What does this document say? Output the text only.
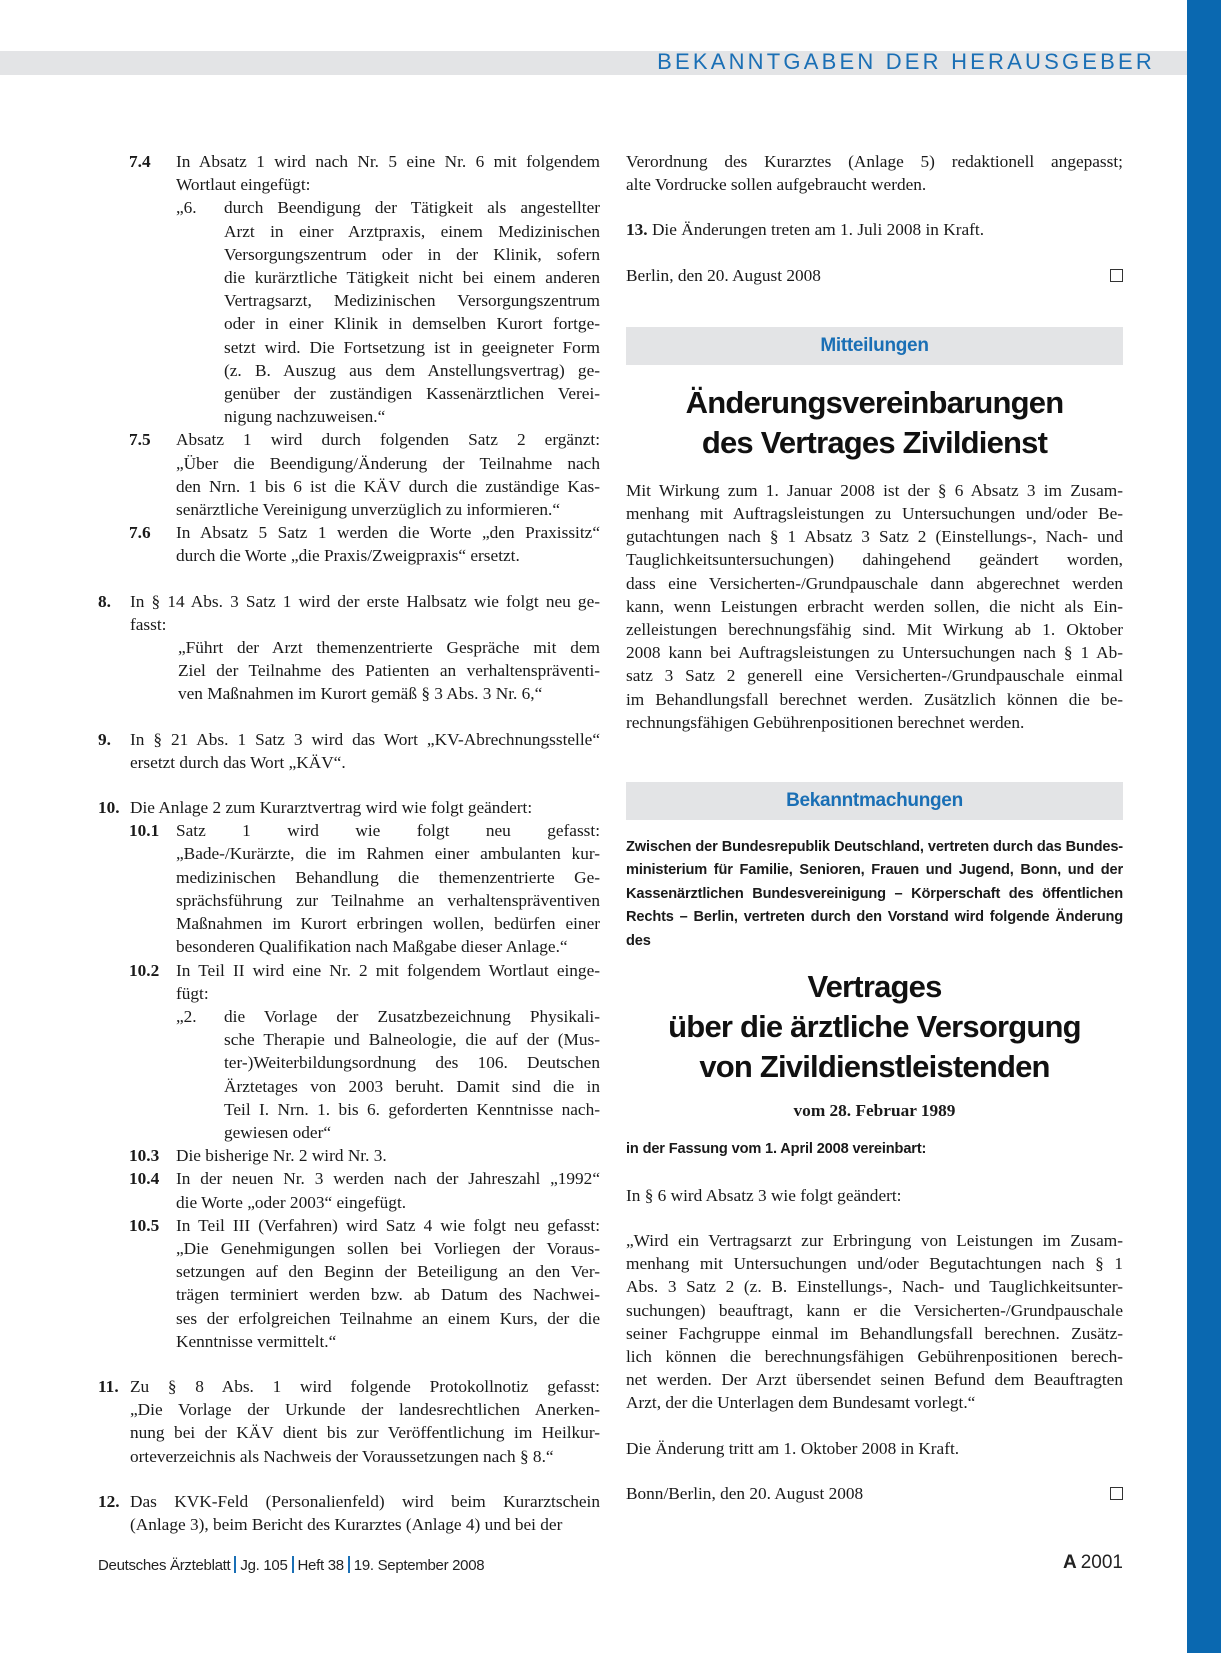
BEKANNTGABEN DER HERAUSGEBER
7.4 In Absatz 1 wird nach Nr. 5 eine Nr. 6 mit folgendem
Wortlaut eingefügt:
„6. durch Beendigung der Tätigkeit als angestellter
Arzt in einer Arztpraxis, einem Medizinischen
Versorgungszentrum oder in der Klinik, sofern
die kurärztliche Tätigkeit nicht bei einem anderen
Vertragsarzt, Medizinischen Versorgungszentrum
oder in einer Klinik in demselben Kurort fortge-
setzt wird. Die Fortsetzung ist in geeigneter Form
(z. B. Auszug aus dem Anstellungsvertrag) ge-
genüber der zuständigen Kassenärztlichen Verei-
nigung nachzuweisen.“
7.5 Absatz 1 wird durch folgenden Satz 2 ergänzt:
„Über die Beendigung/Änderung der Teilnahme nach
den Nrn. 1 bis 6 ist die KÄV durch die zuständige Kas-
senärztliche Vereinigung unverzüglich zu informieren.“
7.6 In Absatz 5 Satz 1 werden die Worte „den Praxissitz“
durch die Worte „die Praxis/Zweigpraxis“ ersetzt.
8. In § 14 Abs. 3 Satz 1 wird der erste Halbsatz wie folgt neu ge-
fasst:
„Führt der Arzt themenzentrierte Gespräche mit dem
Ziel der Teilnahme des Patienten an verhaltenspräventi-
ven Maßnahmen im Kurort gemäß § 3 Abs. 3 Nr. 6,“
9. In § 21 Abs. 1 Satz 3 wird das Wort „KV-Abrechnungsstelle“
ersetzt durch das Wort „KÄV“.
10. Die Anlage 2 zum Kurarztvertrag wird wie folgt geändert:
10.1 Satz 1 wird wie folgt neu gefasst:
„Bade-/Kurärzte, die im Rahmen einer ambulanten kur-
medizinischen Behandlung die themenzentrierte Ge-
sprächsführung zur Teilnahme an verhaltenspräventiven
Maßnahmen im Kurort erbringen wollen, bedürfen einer
besonderen Qualifikation nach Maßgabe dieser Anlage.“
10.2 In Teil II wird eine Nr. 2 mit folgendem Wortlaut einge-
fügt:
„2. die Vorlage der Zusatzbezeichnung Physikali-
sche Therapie und Balneologie, die auf der (Mus-
ter-)Weiterbildungsordnung des 106. Deutschen
Ärztetages von 2003 beruht. Damit sind die in
Teil I. Nrn. 1. bis 6. geforderten Kenntnisse nach-
gewiesen oder“
10.3 Die bisherige Nr. 2 wird Nr. 3.
10.4 In der neuen Nr. 3 werden nach der Jahreszahl „1992“
die Worte „oder 2003“ eingefügt.
10.5 In Teil III (Verfahren) wird Satz 4 wie folgt neu gefasst:
„Die Genehmigungen sollen bei Vorliegen der Voraus-
setzungen auf den Beginn der Beteiligung an den Ver-
trägen terminiert werden bzw. ab Datum des Nachwei-
ses der erfolgreichen Teilnahme an einem Kurs, der die
Kenntnisse vermittelt.“
11. Zu § 8 Abs. 1 wird folgende Protokollnotiz gefasst:
„Die Vorlage der Urkunde der landesrechtlichen Anerken-
nung bei der KÄV dient bis zur Veröffentlichung im Heilkur-
orteverzeichnis als Nachweis der Voraussetzungen nach § 8.“
12. Das KVK-Feld (Personalienfeld) wird beim Kurarztschein
(Anlage 3), beim Bericht des Kurarztes (Anlage 4) und bei der
Verordnung des Kurarztes (Anlage 5) redaktionell angepasst;
alte Vordrucke sollen aufgebraucht werden.
13. Die Änderungen treten am 1. Juli 2008 in Kraft.
Berlin, den 20. August 2008
Mitteilungen
Änderungsvereinbarungen
des Vertrages Zivildienst
Mit Wirkung zum 1. Januar 2008 ist der § 6 Absatz 3 im Zusam-
menhang mit Auftragsleistungen zu Untersuchungen und/oder Be-
gutachtungen nach § 1 Absatz 3 Satz 2 (Einstellungs-, Nach- und
Tauglichkeitsuntersuchungen) dahingehend geändert worden,
dass eine Versicherten-/Grundpauschale dann abgerechnet werden
kann, wenn Leistungen erbracht werden sollen, die nicht als Ein-
zelleistungen berechnungsfähig sind. Mit Wirkung ab 1. Oktober
2008 kann bei Auftragsleistungen zu Untersuchungen nach § 1 Ab-
satz 3 Satz 2 generell eine Versicherten-/Grundpauschale einmal
im Behandlungsfall berechnet werden. Zusätzlich können die be-
rechnungsfähigen Gebührenpositionen berechnet werden.
Bekanntmachungen
Zwischen der Bundesrepublik Deutschland, vertreten durch das Bundes-
ministerium für Familie, Senioren, Frauen und Jugend, Bonn, und der
Kassenärztlichen Bundesvereinigung – Körperschaft des öffentlichen
Rechts – Berlin, vertreten durch den Vorstand wird folgende Änderung des
Vertrages
über die ärztliche Versorgung
von Zivildienstleistenden
vom 28. Februar 1989
in der Fassung vom 1. April 2008 vereinbart:
In § 6 wird Absatz 3 wie folgt geändert:
„Wird ein Vertragsarzt zur Erbringung von Leistungen im Zusam-
menhang mit Untersuchungen und/oder Begutachtungen nach § 1
Abs. 3 Satz 2 (z. B. Einstellungs-, Nach- und Tauglichkeitsunter-
suchungen) beauftragt, kann er die Versicherten-/Grundpauschale
seiner Fachgruppe einmal im Behandlungsfall berechnen. Zusätz-
lich können die berechnungsfähigen Gebührenpositionen berech-
net werden. Der Arzt übersendet seinen Befund dem Beauftragten
Arzt, der die Unterlagen dem Bundesamt vorlegt.“
Die Änderung tritt am 1. Oktober 2008 in Kraft.
Bonn/Berlin, den 20. August 2008
Deutsches Ärzteblatt Jg. 105 Heft 38 19. September 2008	A 2001
